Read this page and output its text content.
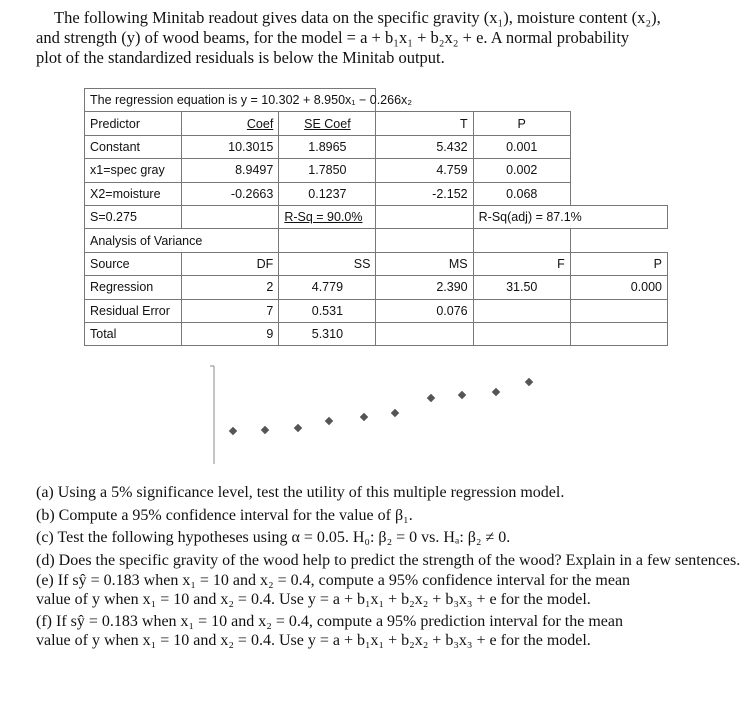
The following Minitab readout gives data on the specific gravity (x₁), moisture content (x₂),

and strength (y) of wood beams, for the model = a + b₁x₁ + b₂x₂ + e. A normal probability
plot of the standardized residuals is below the Minitab output.
The regression equation is y = 10.302 + 8.950x₁ − 0.266x₂					
Predictor	Coef	SE Coef	T	P	
Constant	10.3015	1.8965	5.432	0.001	
x1=spec gray	8.9497	1.7850	4.759	0.002	
X2=moisture	-0.2663	0.1237	-2.152	0.068	
S=0.275		R-Sq = 90.0%		R-Sq(adj) = 87.1%	
Analysis of Variance					
Source	DF	SS	MS	F	P
Regression	2	4.779	2.390	31.50	0.000
Residual Error	7	0.531	0.076		
Total	9	5.310			
(a) Using a 5% significance level, test the utility of this multiple regression model.
(b) Compute a 95% confidence interval for the value of β₁.
(c) Test the following hypotheses using α = 0.05. H₀: β₂ = 0 vs. Hₐ: β₂ ≠ 0.
(d) Does the specific gravity of the wood help to predict the strength of the wood? Explain in a few sentences.
(e) If sŷ = 0.183 when x₁ = 10 and x₂ = 0.4, compute a 95% confidence interval for the mean
value of y when x₁ = 10 and x₂ = 0.4. Use y = a + b₁x₁ + b₂x₂ + b₃x₃ + e for the model.
(f) If sŷ = 0.183 when x₁ = 10 and x₂ = 0.4, compute a 95% prediction interval for the mean
value of y when x₁ = 10 and x₂ = 0.4. Use y = a + b₁x₁ + b₂x₂ + b₃x₃ + e for the model.
